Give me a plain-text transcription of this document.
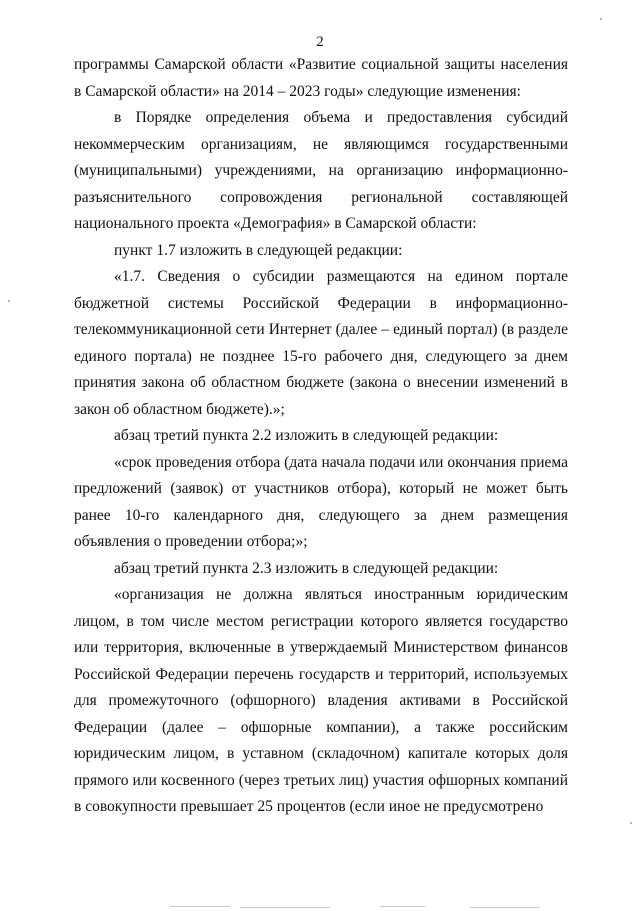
2

программы Самарской области «Развитие социальной защиты населения в Самарской области» на 2014 – 2023 годы» следующие изменения:

в Порядке определения объема и предоставления субсидий некоммерческим организациям, не являющимся государственными (муниципальными) учреждениями, на организацию информационно-разъяснительного сопровождения региональной составляющей национального проекта «Демография» в Самарской области:

пункт 1.7 изложить в следующей редакции:

«1.7. Сведения о субсидии размещаются на едином портале бюджетной системы Российской Федерации в информационно-телекоммуникационной сети Интернет (далее – единый портал) (в разделе единого портала) не позднее 15-го рабочего дня, следующего за днем принятия закона об областном бюджете (закона о внесении изменений в закон об областном бюджете).»;

абзац третий пункта 2.2 изложить в следующей редакции:

«срок проведения отбора (дата начала подачи или окончания приема предложений (заявок) от участников отбора), который не может быть ранее 10-го календарного дня, следующего за днем размещения объявления о проведении отбора;»;

абзац третий пункта 2.3 изложить в следующей редакции:

«организация не должна являться иностранным юридическим лицом, в том числе местом регистрации которого является государство или территория, включенные в утверждаемый Министерством финансов Российской Федерации перечень государств и территорий, используемых для промежуточного (офшорного) владения активами в Российской Федерации (далее – офшорные компании), а также российским юридическим лицом, в уставном (складочном) капитале которых доля прямого или косвенного (через третьих лиц) участия офшорных компаний в совокупности превышает 25 процентов (если иное не предусмотрено
